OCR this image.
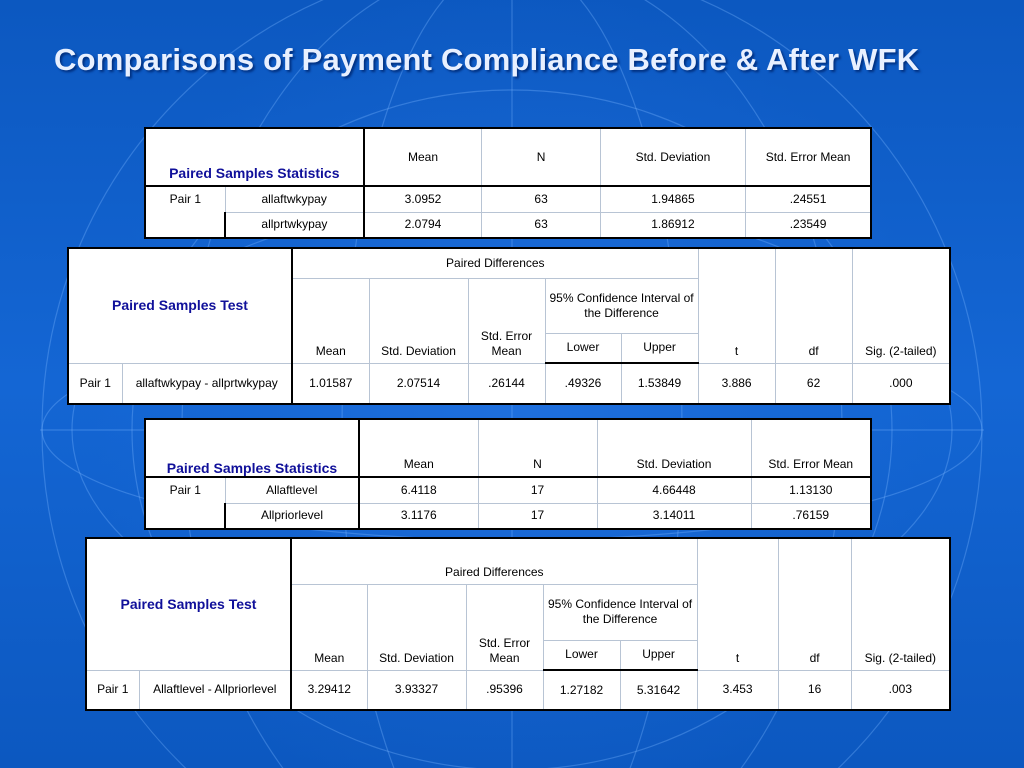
Comparisons of Payment Compliance Before & After WFK
Paired Samples Statistics		Mean	N	Std. Deviation	Std. Error Mean
Pair 1	allaftwkypay	3.0952	63	1.94865	.24551
	allprtwkypay	2.0794	63	1.86912	.23549
Paired Samples Test		Paired Differences					t	df	Sig. (2-tailed)
		Mean	Std. Deviation	Std. Error Mean	95% Confidence Interval of the Difference				
					Lower	Upper			
Pair 1	allaftwkypay - allprtwkypay	1.01587	2.07514	.26144	.49326	1.53849	3.886	62	.000
Paired Samples Statistics		Mean	N	Std. Deviation	Std. Error Mean
Pair 1	Allaftlevel	6.4118	17	4.66448	1.13130
	Allpriorlevel	3.1176	17	3.14011	.76159
Paired Samples Test		Paired Differences					t	df	Sig. (2-tailed)
		Mean	Std. Deviation	Std. Error Mean	95% Confidence Interval of the Difference				
					Lower	Upper			
Pair 1	Allaftlevel - Allpriorlevel	3.29412	3.93327	.95396	1.27182	5.31642	3.453	16	.003
